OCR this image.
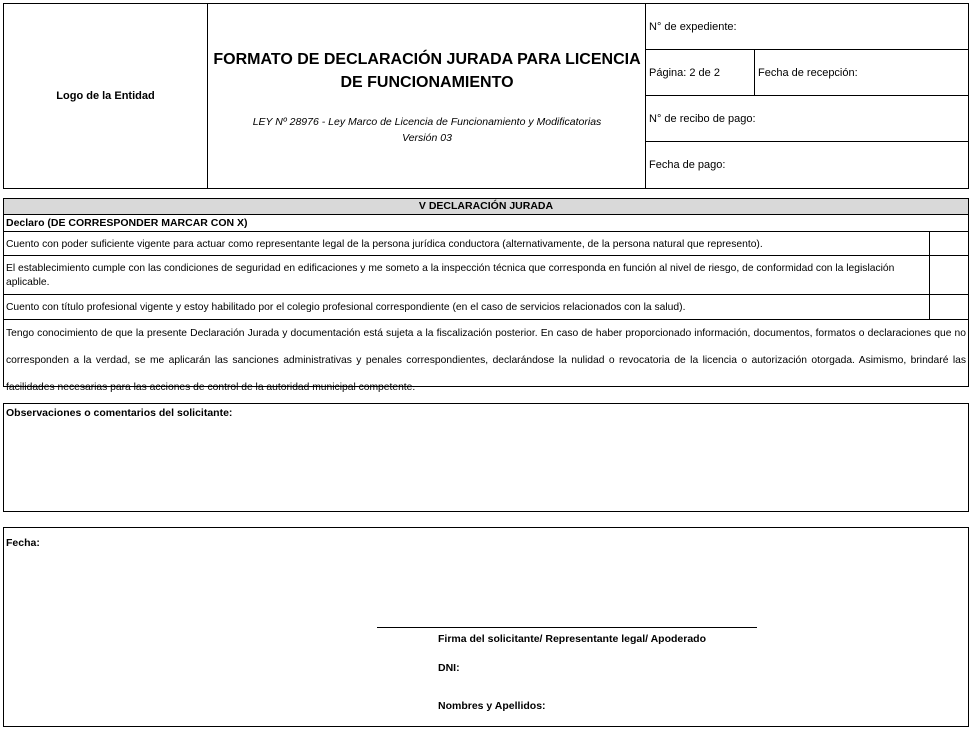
Logo de la Entidad
FORMATO DE DECLARACIÓN JURADA PARA LICENCIA DE FUNCIONAMIENTO
LEY Nº 28976 - Ley Marco de Licencia de Funcionamiento y Modificatorias
Versión 03
N° de expediente:
Página: 2 de 2	Fecha de recepción:
N° de recibo de pago:
Fecha de pago:
V DECLARACIÓN JURADA
Declaro (DE CORRESPONDER MARCAR CON X)
Cuento con poder suficiente vigente para actuar como representante legal de la persona jurídica conductora (alternativamente, de la persona natural que represento).
El establecimiento cumple con las condiciones de seguridad en edificaciones y me someto a la inspección técnica que corresponda en función al nivel de riesgo, de conformidad con la legislación aplicable.
Cuento con título profesional vigente y estoy habilitado por el colegio profesional correspondiente (en el caso de servicios relacionados con la salud).
Tengo conocimiento de que la presente Declaración Jurada y documentación está sujeta a la fiscalización posterior. En caso de haber proporcionado información, documentos, formatos o declaraciones que no corresponden a la verdad, se me aplicarán las sanciones administrativas y penales correspondientes, declarándose la nulidad o revocatoria de la licencia o autorización otorgada. Asimismo, brindaré las facilidades necesarias para las acciones de control de la autoridad municipal competente.
Observaciones o comentarios del solicitante:
Fecha:
Firma del solicitante/ Representante legal/ Apoderado
DNI:
Nombres y Apellidos:
